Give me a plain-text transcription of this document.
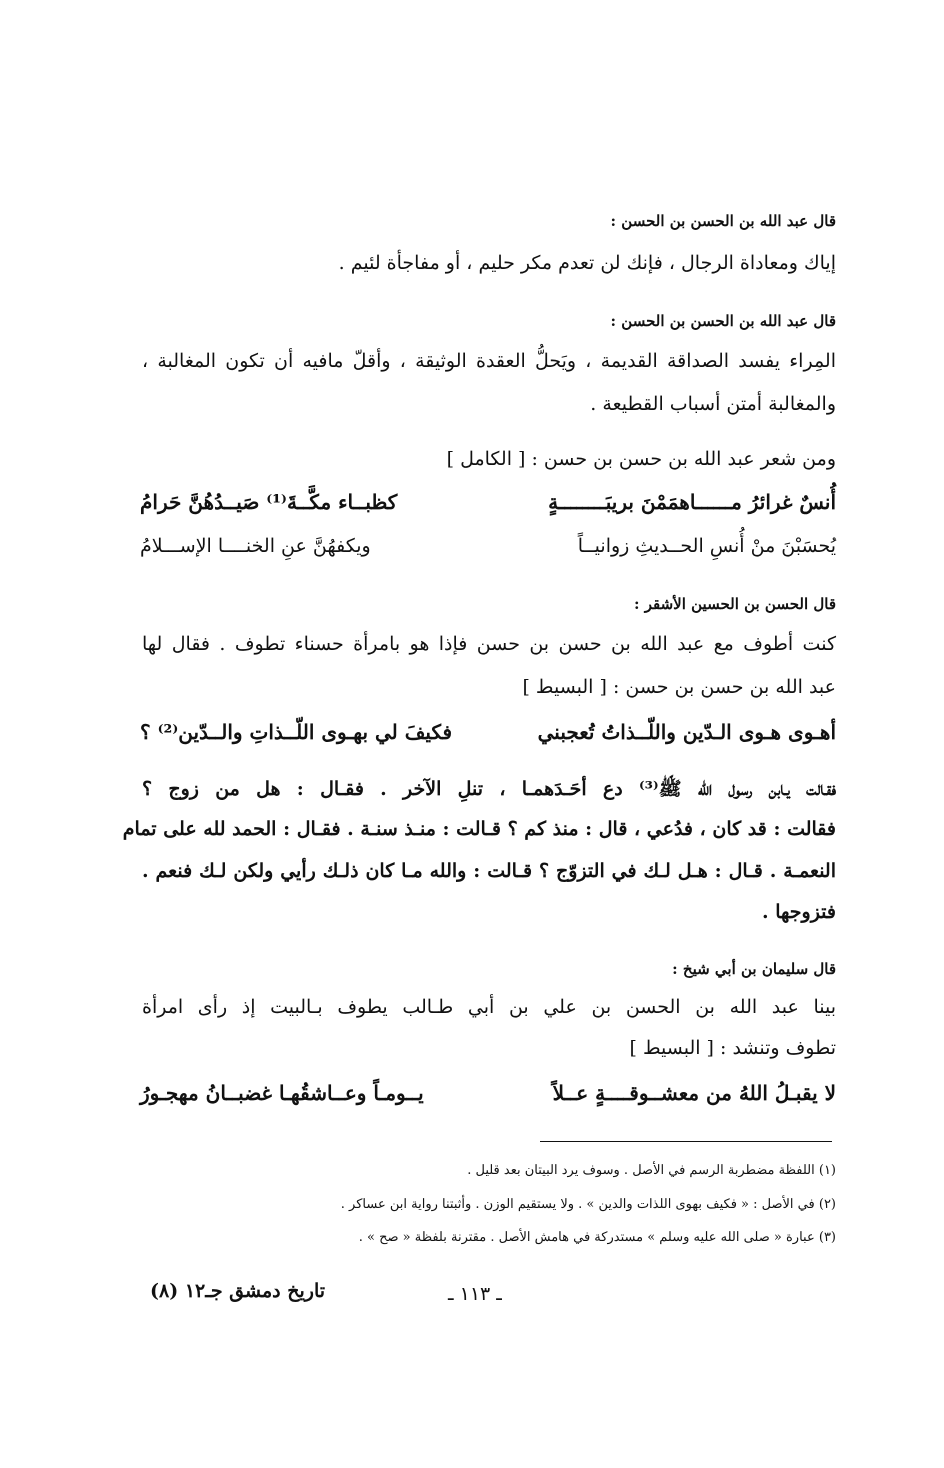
قال عبد الله بن الحسن بن الحسن :
إياك ومعاداة الرجال ، فإنك لن تعدم مكر حليم ، أو مفاجأة لئيم .
قال عبد الله بن الحسن بن الحسن :
المِراء يفسد الصداقة القديمة ، ويَحلُّ العقدة الوثيقة ، وأقلّ مافيه أن تكون المغالبة ،
والمغالبة أمتن أسباب القطيعة .
ومن شعر عبد الله بن حسن بن حسن : [ الكامل ]
أُنسٌ غرائرُ مــــــاهمَمْنَ بريبَــــــــةٍ
كظبــاء مكَّــةَ⁽¹⁾ صَيــدُهُنَّ حَرامُ
يُحسَبْنَ منْ أُنسِ الحــديثِ زوانيــاً
ويكفهُنَّ عنِ الخنــــا الإســـلامُ
قال الحسن بن الحسين الأشقر :
كنت أطوف مع عبد الله بن حسن بن حسن فإذا هو بامرأة حسناء تطوف . فقال لها
عبد الله بن حسن بن حسن : [ البسيط ]
أهـوى هـوى الـدّين واللّــذاتُ تُعجبني
فكيفَ لي بهـوى اللّــذاتِ والــدّين⁽²⁾ ؟
فقـالت يـابن رسول الله ﷺ⁽³⁾ دع أحَـدَهمـا ، تنلِ الآخر . فقـال : هل من زوج ؟
فقالت : قد كان ، فدُعي ، قال : منذ كم ؟ قـالت : منـذ سنـة . فقـال : الحمد لله على تمام
النعمـة . قـال : هـل لـك في التزوّج ؟ قـالت : والله مـا كان ذلـك رأيي ولكن لـك فنعم .
فتزوجها .
قال سليمان بن أبي شيخ :
بينا عبد الله بن الحسن بن علي بن أبي طـالب يطوف بـالبيت إذ رأى امرأة
تطوف وتنشد : [ البسيط ]
لا يقبـلُ اللهُ من معشــوقــــةٍ عــلاً
يــومـاً وعــاشقُهـا غضبــانُ مهجـورُ
(١) اللفظة مضطربة الرسم في الأصل . وسوف يرد البيتان بعد قليل .
(٢) في الأصل : « فكيف بهوى اللذات والدين » . ولا يستقيم الوزن . وأثبتنا رواية ابن عساكر .
(٣) عبارة « صلى الله عليه وسلم » مستدركة في هامش الأصل . مقترنة بلفظة « صح » .
ـ ١١٣ ـ
تاريخ دمشق جـ١٢ (٨)
